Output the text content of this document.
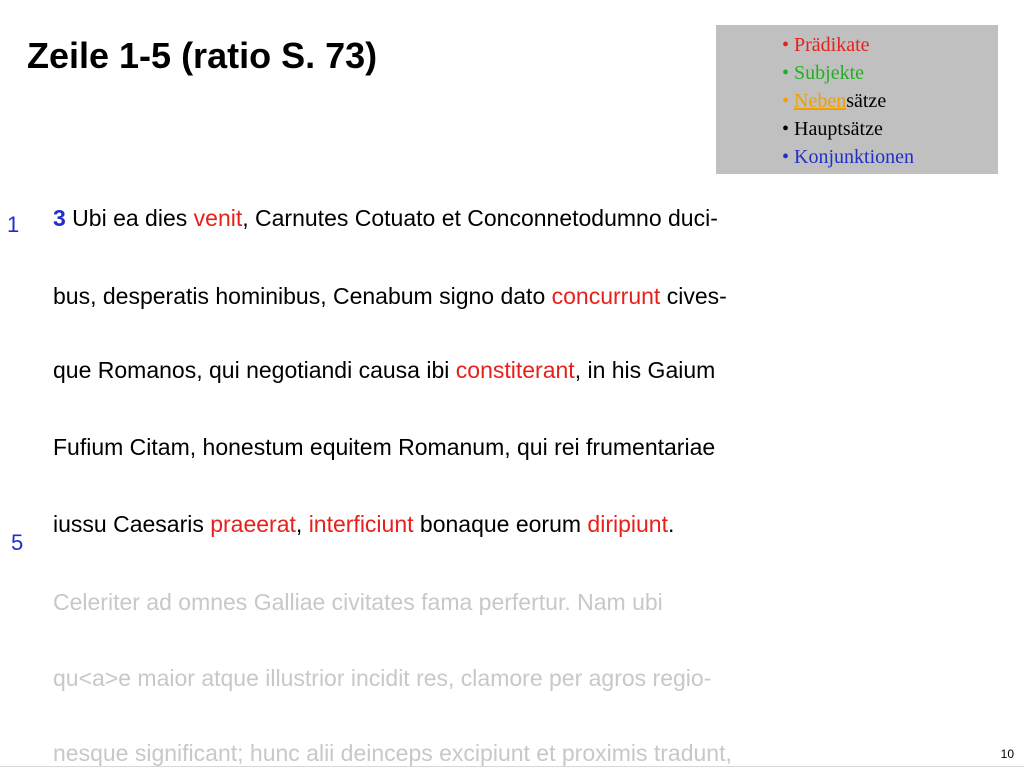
Zeile 1-5 (ratio S. 73)	• Prädikate
• Subjekte
• Nebensätze
• Hauptsätze
• Konjunktionen
1
5
3 Ubi ea dies venit, Carnutes Cotuato et Conconnetodumno duci-
bus, desperatis hominibus, Cenabum signo dato concurrunt cives-
que Romanos, qui negotiandi causa ibi constiterant, in his Gaium
Fufium Citam, honestum equitem Romanum, qui rei frumentariae
iussu Caesaris praeerat, interficiunt bonaque eorum diripiunt.
Celeriter ad omnes Galliae civitates fama perfertur. Nam ubi
qu<a>e maior atque illustrior incidit res, clamore per agros regio-
nesque significant; hunc alii deinceps excipiunt et proximis tradunt,	10
